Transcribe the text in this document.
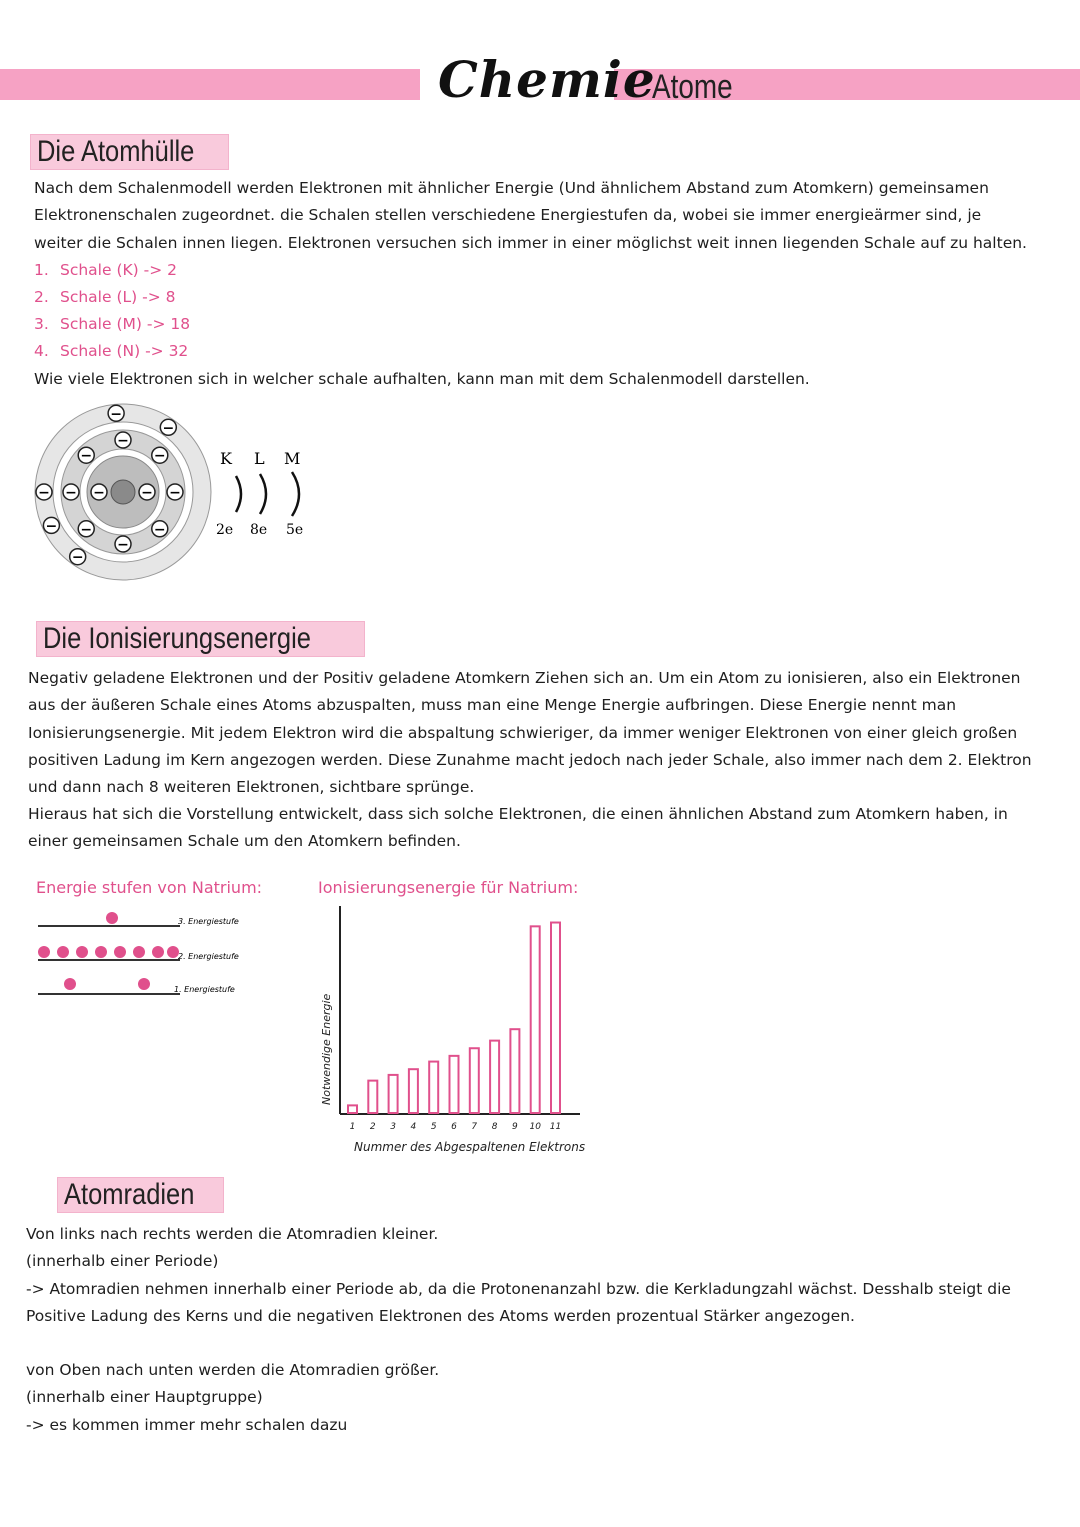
Chemie
Atome
Die Atomhülle
Nach dem Schalenmodell werden Elektronen mit ähnlicher Energie (Und ähnlichem Abstand zum Atomkern) gemeinsamen Elektronenschalen zugeordnet. die Schalen stellen verschiedene Energiestufen da, wobei sie immer energieärmer sind, je weiter die Schalen innen liegen. Elektronen versuchen sich immer in einer möglichst weit innen liegenden Schale auf zu halten.
1. Schale (K) -> 2
2. Schale (L) -> 8
3. Schale (M) -> 18
4. Schale (N) -> 32
Wie viele Elektronen sich in welcher schale aufhalten, kann man mit dem Schalenmodell darstellen.
−	−
−
−
−
−
−
−
−
−
−
−
−
−
−
K L M
2e 8e 5e
Die Ionisierungsenergie
Negativ geladene Elektronen und der Positiv geladene Atomkern Ziehen sich an. Um ein Atom zu ionisieren, also ein Elektronen aus der äußeren Schale eines Atoms abzuspalten, muss man eine Menge Energie aufbringen. Diese Energie nennt man Ionisierungsenergie. Mit jedem Elektron wird die abspaltung schwieriger, da immer weniger Elektronen von einer gleich großen positiven Ladung im Kern angezogen werden. Diese Zunahme macht jedoch nach jeder Schale, also immer nach dem 2. Elektron und dann nach 8 weiteren Elektronen, sichtbare sprünge.
Hieraus hat sich die Vorstellung entwickelt, dass sich solche Elektronen, die einen ähnlichen Abstand zum Atomkern haben, in einer gemeinsamen Schale um den Atomkern befinden.
Energie stufen von Natrium:
3. Energiestufe
2. Energiestufe
1. Energiestufe
Ionisierungsenergie für Natrium:
Notwendige Energie
1 2 3 4 5 6 7 8 9 10 11
Nummer des Abgespaltenen Elektrons
Atomradien
Von links nach rechts werden die Atomradien kleiner.
(innerhalb einer Periode)
-> Atomradien nehmen innerhalb einer Periode ab, da die Protonenanzahl bzw. die Kerkladungzahl wächst. Desshalb steigt die Positive Ladung des Kerns und die negativen Elektronen des Atoms werden prozentual Stärker angezogen.
von Oben nach unten werden die Atomradien größer.
(innerhalb einer Hauptgruppe)
-> es kommen immer mehr schalen dazu
